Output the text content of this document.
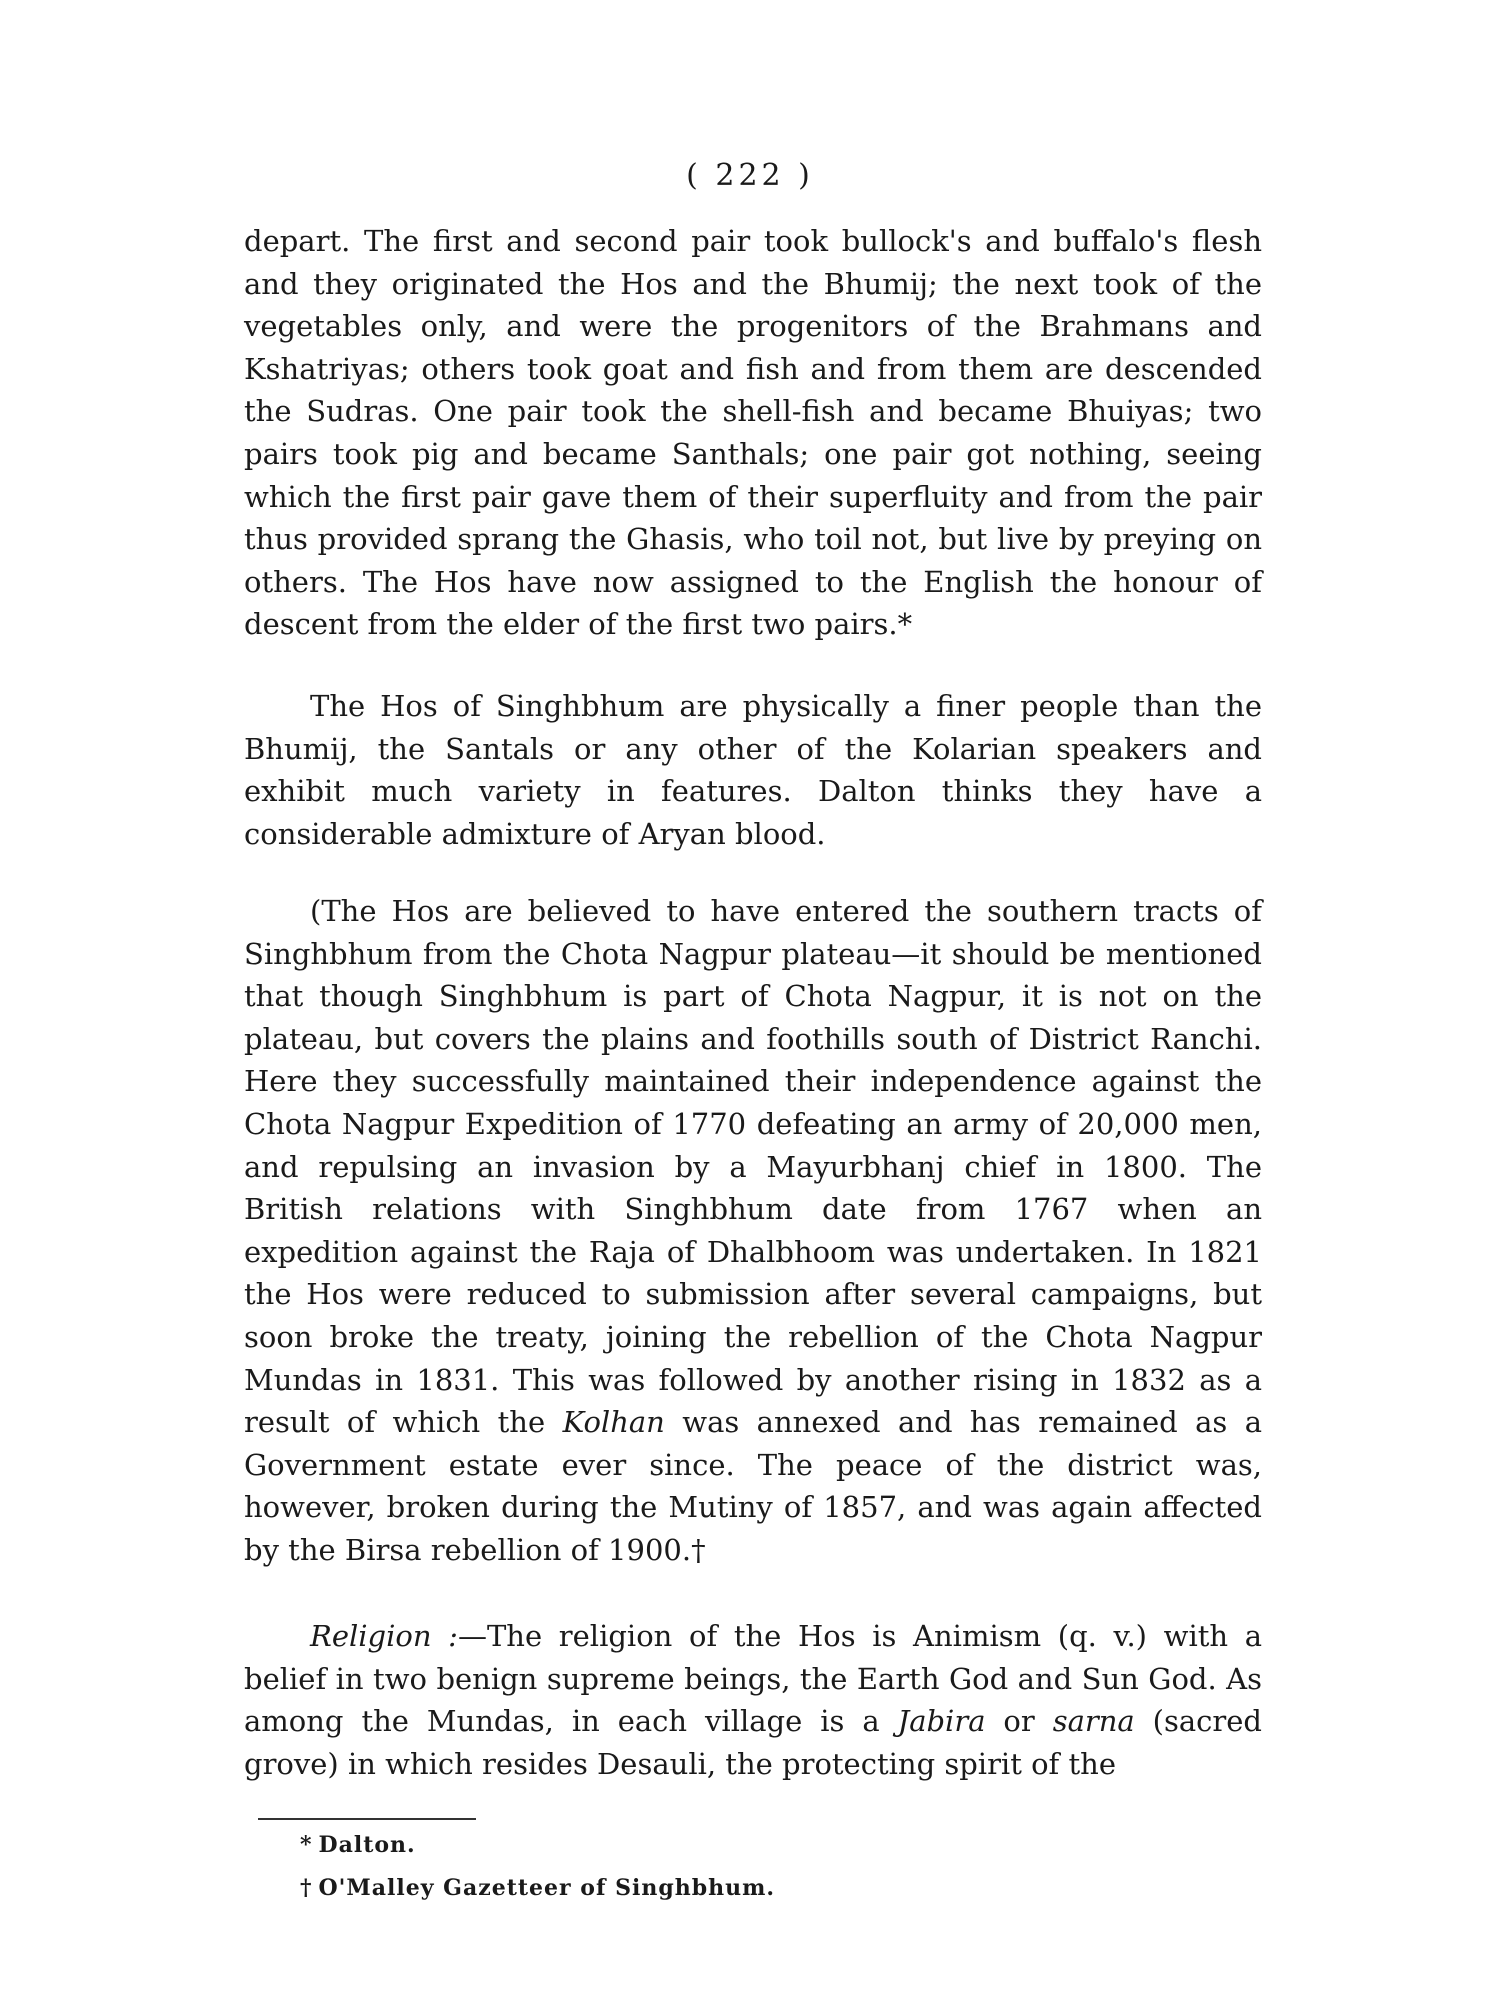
( 222 )

depart. The first and second pair took bullock's and buffalo's flesh and they originated the Hos and the Bhumij; the next took of the vegetables only, and were the progenitors of the Brahmans and Kshatriyas; others took goat and fish and from them are descended the Sudras. One pair took the shell-fish and became Bhuiyas; two pairs took pig and became Santhals; one pair got nothing, seeing which the first pair gave them of their superfluity and from the pair thus provided sprang the Ghasis, who toil not, but live by preying on others. The Hos have now assigned to the English the honour of descent from the elder of the first two pairs.*

The Hos of Singhbhum are physically a finer people than the Bhumij, the Santals or any other of the Kolarian speakers and exhibit much variety in features. Dalton thinks they have a considerable admixture of Aryan blood.

(The Hos are believed to have entered the southern tracts of Singhbhum from the Chota Nagpur plateau—it should be mentioned that though Singhbhum is part of Chota Nagpur, it is not on the plateau, but covers the plains and foothills south of District Ranchi. Here they successfully maintained their independence against the Chota Nagpur Expedition of 1770 defeating an army of 20,000 men, and repulsing an invasion by a Mayurbhanj chief in 1800. The British relations with Singhbhum date from 1767 when an expedition against the Raja of Dhalbhoom was undertaken. In 1821 the Hos were reduced to submission after several campaigns, but soon broke the treaty, joining the rebellion of the Chota Nagpur Mundas in 1831. This was followed by another rising in 1832 as a result of which the Kolhan was annexed and has remained as a Government estate ever since. The peace of the district was, however, broken during the Mutiny of 1857, and was again affected by the Birsa rebellion of 1900.†

Religion :—The religion of the Hos is Animism (q. v.) with a belief in two benign supreme beings, the Earth God and Sun God. As among the Mundas, in each village is a Jabira or sarna (sacred grove) in which resides Desauli, the protecting spirit of the

* Dalton.
† O'Malley Gazetteer of Singhbhum.
